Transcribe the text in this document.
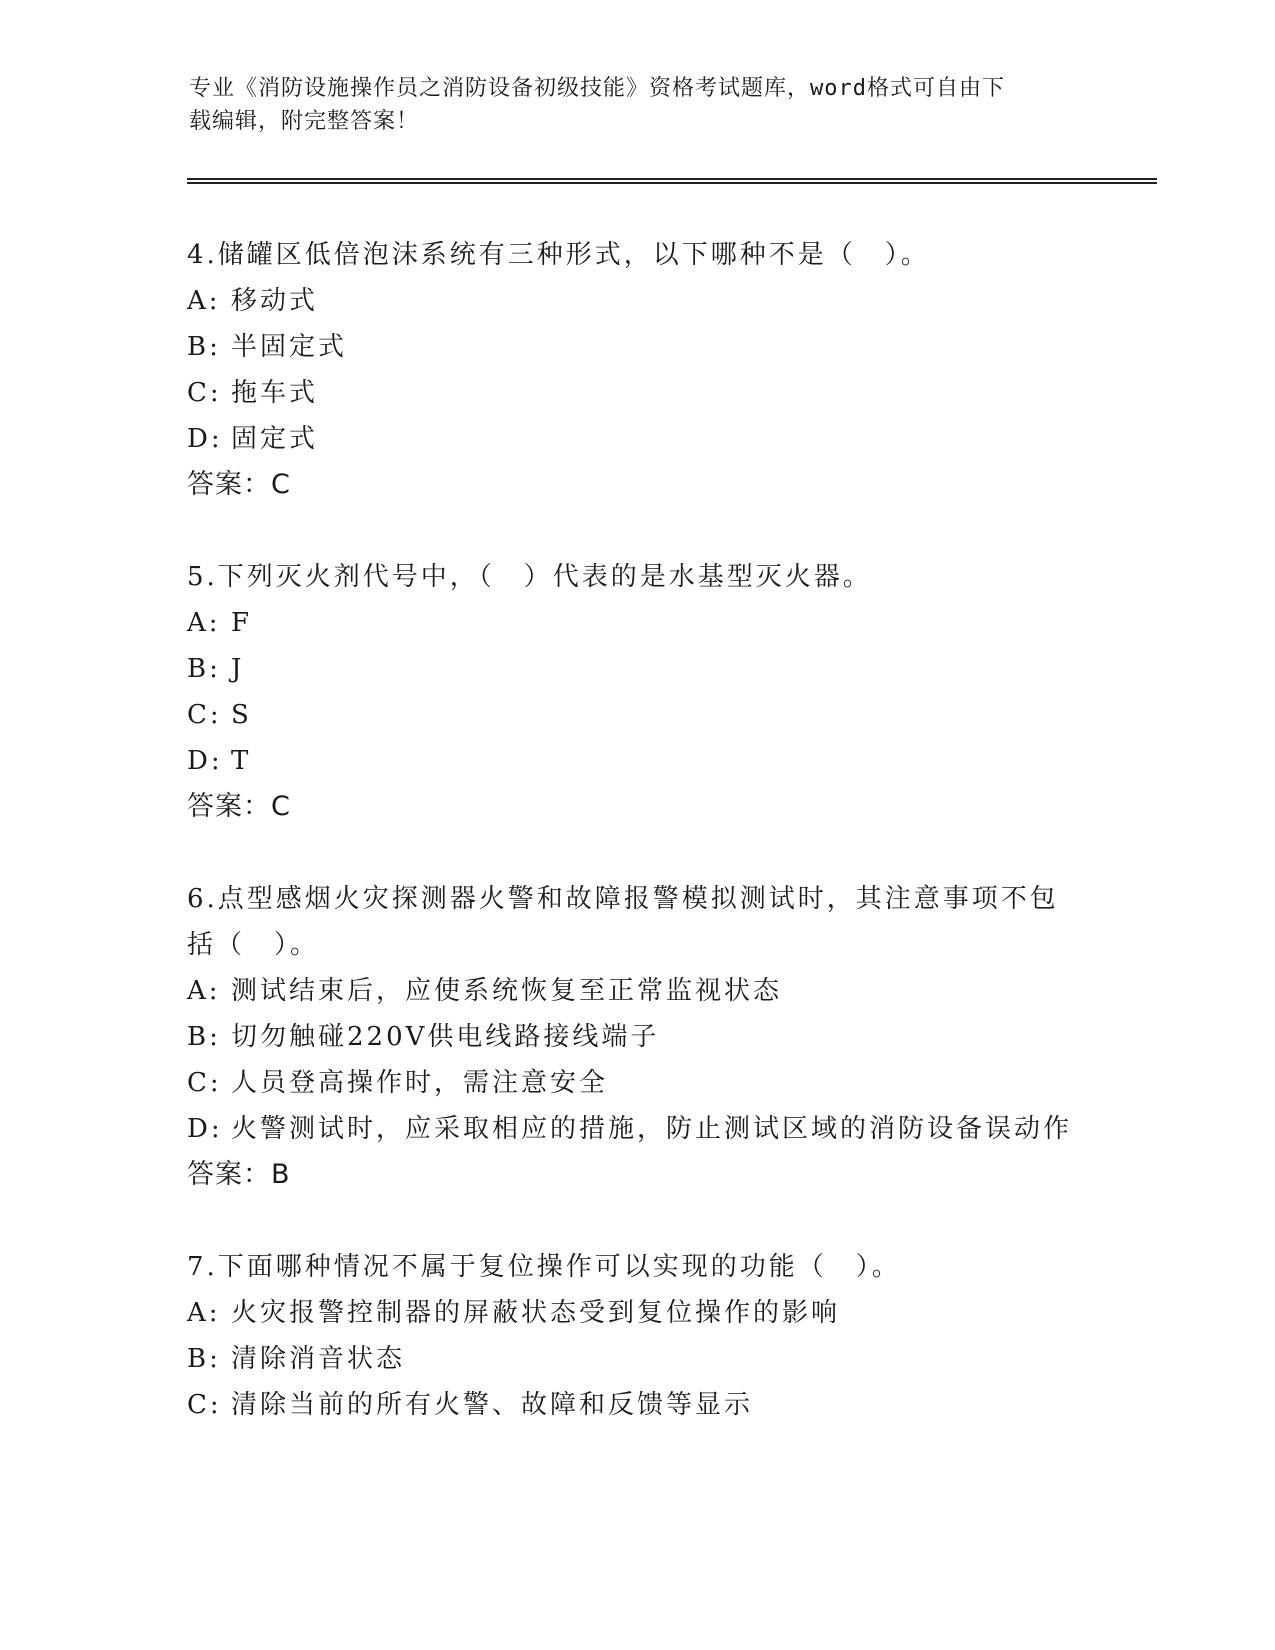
专业《消防设施操作员之消防设备初级技能》资格考试题库，word格式可自由下
载编辑，附完整答案！
4.储罐区低倍泡沫系统有三种形式，以下哪种不是（　）。
A: 移动式
B: 半固定式
C: 拖车式
D: 固定式
答案：C
5.下列灭火剂代号中，（　）代表的是水基型灭火器。
A: F
B: J
C: S
D: T
答案：C
6.点型感烟火灾探测器火警和故障报警模拟测试时，其注意事项不包括（　）。
A: 测试结束后，应使系统恢复至正常监视状态
B: 切勿触碰220V供电线路接线端子
C: 人员登高操作时，需注意安全
D: 火警测试时，应采取相应的措施，防止测试区域的消防设备误动作
答案：B
7.下面哪种情况不属于复位操作可以实现的功能（　）。
A: 火灾报警控制器的屏蔽状态受到复位操作的影响
B: 清除消音状态
C: 清除当前的所有火警、故障和反馈等显示
